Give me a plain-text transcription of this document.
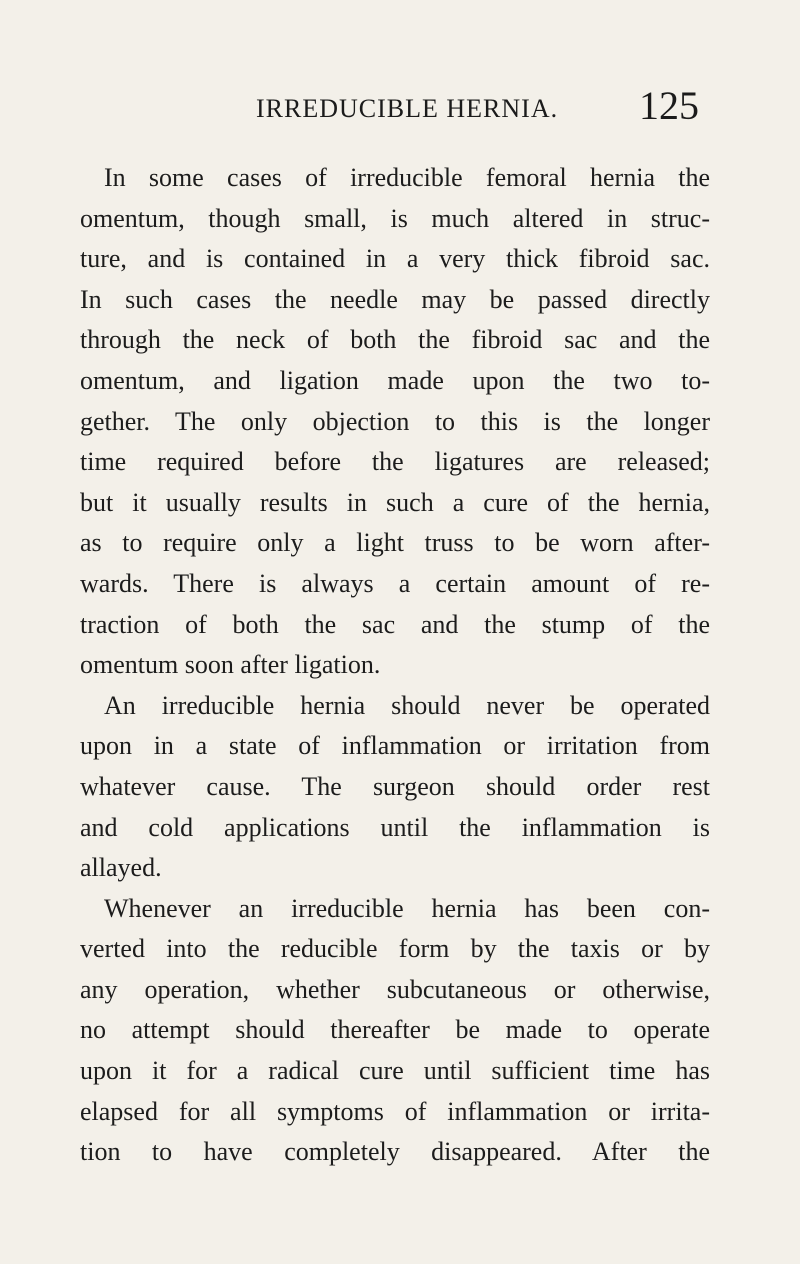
IRREDUCIBLE HERNIA. 125
In some cases of irreducible femoral hernia the
omentum, though small, is much altered in struc-
ture, and is contained in a very thick fibroid sac.
In such cases the needle may be passed directly
through the neck of both the fibroid sac and the
omentum, and ligation made upon the two to-
gether. The only objection to this is the longer
time required before the ligatures are released;
but it usually results in such a cure of the hernia,
as to require only a light truss to be worn after-
wards. There is always a certain amount of re-
traction of both the sac and the stump of the
omentum soon after ligation.
An irreducible hernia should never be operated
upon in a state of inflammation or irritation from
whatever cause. The surgeon should order rest
and cold applications until the inflammation is
allayed.
Whenever an irreducible hernia has been con-
verted into the reducible form by the taxis or by
any operation, whether subcutaneous or otherwise,
no attempt should thereafter be made to operate
upon it for a radical cure until sufficient time has
elapsed for all symptoms of inflammation or irrita-
tion to have completely disappeared. After the
